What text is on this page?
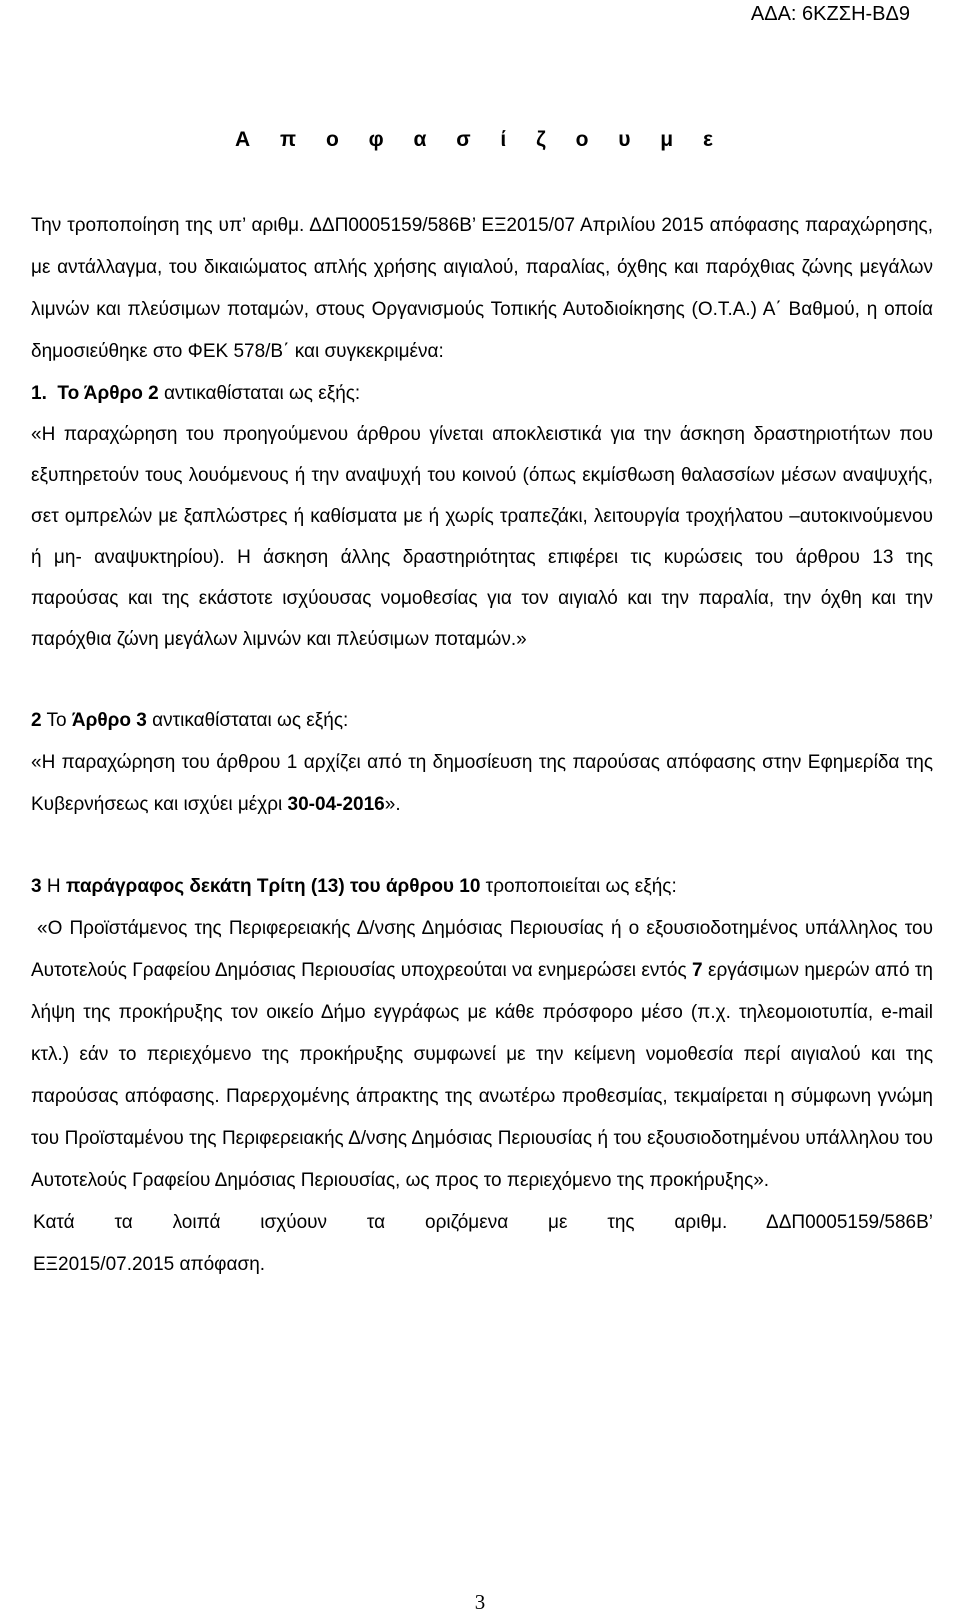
ΑΔΑ: 6ΚΖΣΗ-ΒΔ9
Α π ο φ α σ ί ζ ο υ μ ε

Την τροποποίηση της υπ’ αριθμ. ΔΔΠ0005159/586Β’ ΕΞ2015/07 Απριλίου 2015 απόφασης παραχώρησης, με αντάλλαγμα, του δικαιώματος απλής χρήσης αιγιαλού, παραλίας, όχθης και παρόχθιας ζώνης μεγάλων λιμνών και πλεύσιμων ποταμών, στους Οργανισμούς Τοπικής Αυτοδιοίκησης (Ο.Τ.Α.) Α΄ Βαθμού, η οποία δημοσιεύθηκε στο ΦΕΚ 578/Β΄ και συγκεκριμένα:

1. Το Άρθρο 2 αντικαθίσταται ως εξής:

«Η παραχώρηση του προηγούμενου άρθρου γίνεται αποκλειστικά για την άσκηση δραστηριοτήτων που εξυπηρετούν τους λουόμενους ή την αναψυχή του κοινού (όπως εκμίσθωση θαλασσίων μέσων αναψυχής, σετ ομπρελών με ξαπλώστρες ή καθίσματα με ή χωρίς τραπεζάκι, λειτουργία τροχήλατου –αυτοκινούμενου ή μη- αναψυκτηρίου). Η άσκηση άλλης δραστηριότητας επιφέρει τις κυρώσεις του άρθρου 13 της παρούσας και της εκάστοτε ισχύουσας νομοθεσίας για τον αιγιαλό και την παραλία, την όχθη και την παρόχθια ζώνη μεγάλων λιμνών και πλεύσιμων ποταμών.»

2 Το Άρθρο 3 αντικαθίσταται ως εξής:

«Η παραχώρηση του άρθρου 1 αρχίζει από τη δημοσίευση της παρούσας απόφασης στην Εφημερίδα της Κυβερνήσεως και ισχύει μέχρι 30-04-2016».

3 Η παράγραφος δεκάτη Τρίτη (13) του άρθρου 10 τροποποιείται ως εξής:

«Ο Προϊστάμενος της Περιφερειακής Δ/νσης Δημόσιας Περιουσίας ή ο εξουσιοδοτημένος υπάλληλος του Αυτοτελούς Γραφείου Δημόσιας Περιουσίας υποχρεούται να ενημερώσει εντός 7 εργάσιμων ημερών από τη λήψη της προκήρυξης τον οικείο Δήμο εγγράφως με κάθε πρόσφορο μέσο (π.χ. τηλεομοιοτυπία, e-mail κτλ.) εάν το περιεχόμενο της προκήρυξης συμφωνεί με την κείμενη νομοθεσία περί αιγιαλού και της παρούσας απόφασης. Παρερχομένης άπρακτης της ανωτέρω προθεσμίας, τεκμαίρεται η σύμφωνη γνώμη του Προϊσταμένου της Περιφερειακής Δ/νσης Δημόσιας Περιουσίας ή του εξουσιοδοτημένου υπάλληλου του Αυτοτελούς Γραφείου Δημόσιας Περιουσίας, ως προς το περιεχόμενο της προκήρυξης».

Κατά τα λοιπά ισχύουν τα οριζόμενα με της αριθμ. ΔΔΠ0005159/586Β’

ΕΞ2015/07.2015 απόφαση.

3
